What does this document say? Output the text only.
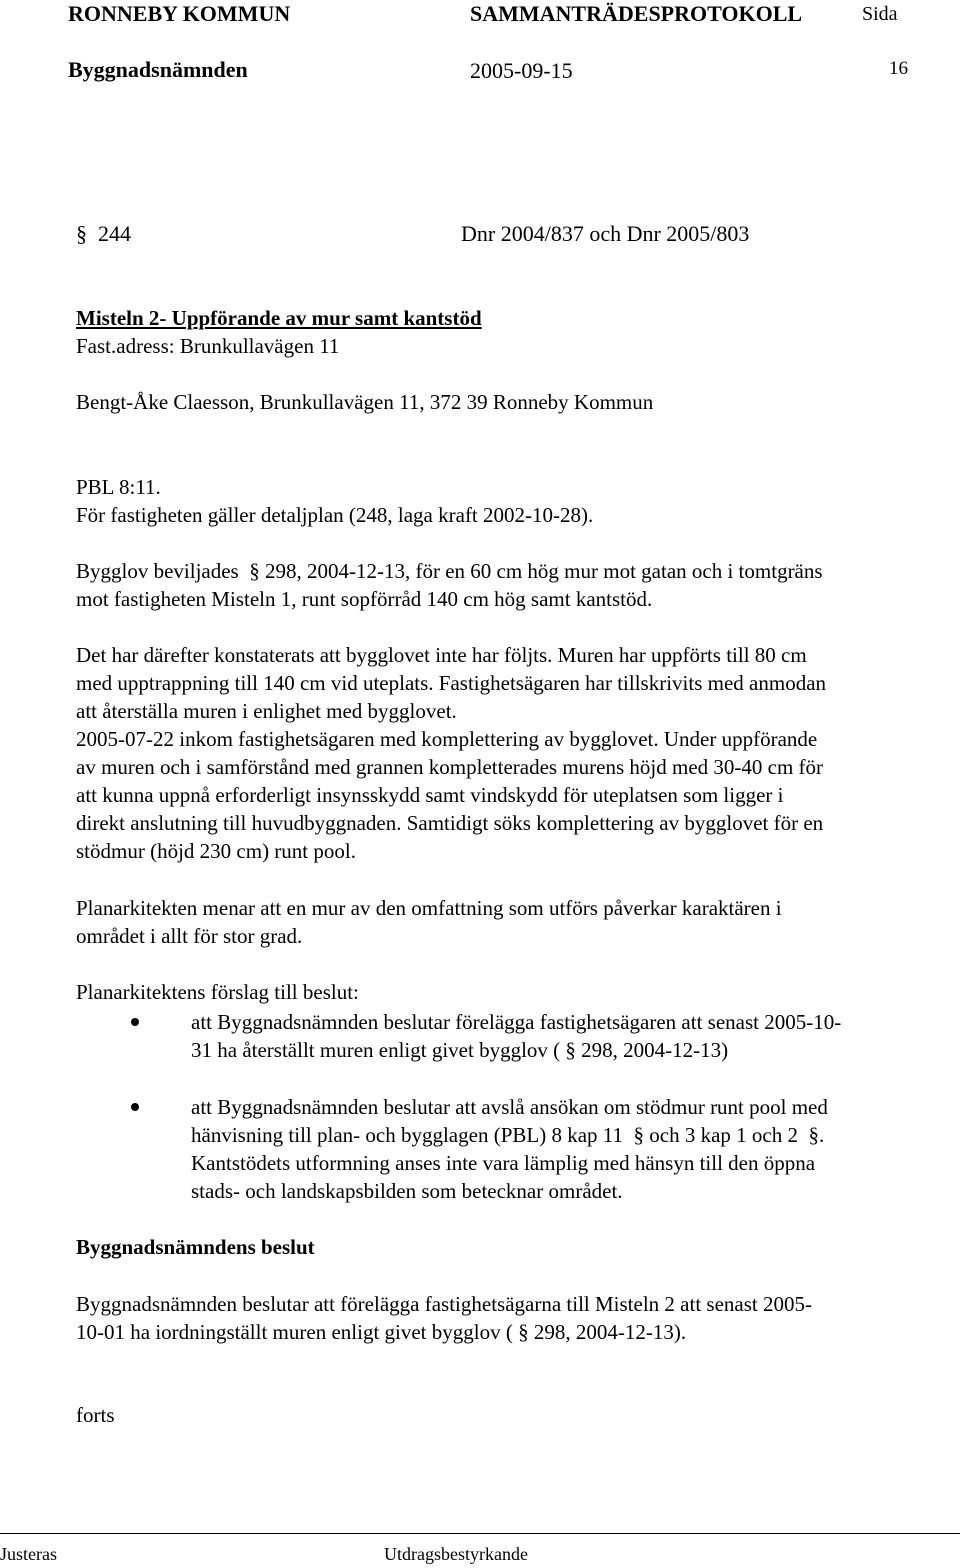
RONNEBY KOMMUN	SAMMANTRÄDESPROTOKOLL	Sida
Byggnadsnämnden	2005-09-15	16
§ 244	Dnr 2004/837 och Dnr 2005/803
Misteln 2- Uppförande av mur samt kantstöd
Fast.adress: Brunkullavägen 11
Bengt-Åke Claesson, Brunkullavägen 11, 372 39 Ronneby Kommun
PBL 8:11.
För fastigheten gäller detaljplan (248, laga kraft 2002-10-28).
Bygglov beviljades § 298, 2004-12-13, för en 60 cm hög mur mot gatan och i tomtgräns
mot fastigheten Misteln 1, runt sopförråd 140 cm hög samt kantstöd.
Det har därefter konstaterats att bygglovet inte har följts. Muren har uppförts till 80 cm
med upptrappning till 140 cm vid uteplats. Fastighetsägaren har tillskrivits med anmodan
att återställa muren i enlighet med bygglovet.
2005-07-22 inkom fastighetsägaren med komplettering av bygglovet. Under uppförande
av muren och i samförstånd med grannen kompletterades murens höjd med 30-40 cm för
att kunna uppnå erforderligt insynsskydd samt vindskydd för uteplatsen som ligger i
direkt anslutning till huvudbyggnaden. Samtidigt söks komplettering av bygglovet för en
stödmur (höjd 230 cm) runt pool.
Planarkitekten menar att en mur av den omfattning som utförs påverkar karaktären i
området i allt för stor grad.
Planarkitektens förslag till beslut:
att Byggnadsnämnden beslutar förelägga fastighetsägaren att senast 2005-10-
31 ha återställt muren enligt givet bygglov ( § 298, 2004-12-13)
att Byggnadsnämnden beslutar att avslå ansökan om stödmur runt pool med
hänvisning till plan- och bygglagen (PBL) 8 kap 11 § och 3 kap 1 och 2 §.
Kantstödets utformning anses inte vara lämplig med hänsyn till den öppna
stads- och landskapsbilden som betecknar området.
Byggnadsnämndens beslut
Byggnadsnämnden beslutar att förelägga fastighetsägarna till Misteln 2 att senast 2005-
10-01 ha iordningställt muren enligt givet bygglov ( § 298, 2004-12-13).
forts
Justeras	Utdragsbestyrkande
